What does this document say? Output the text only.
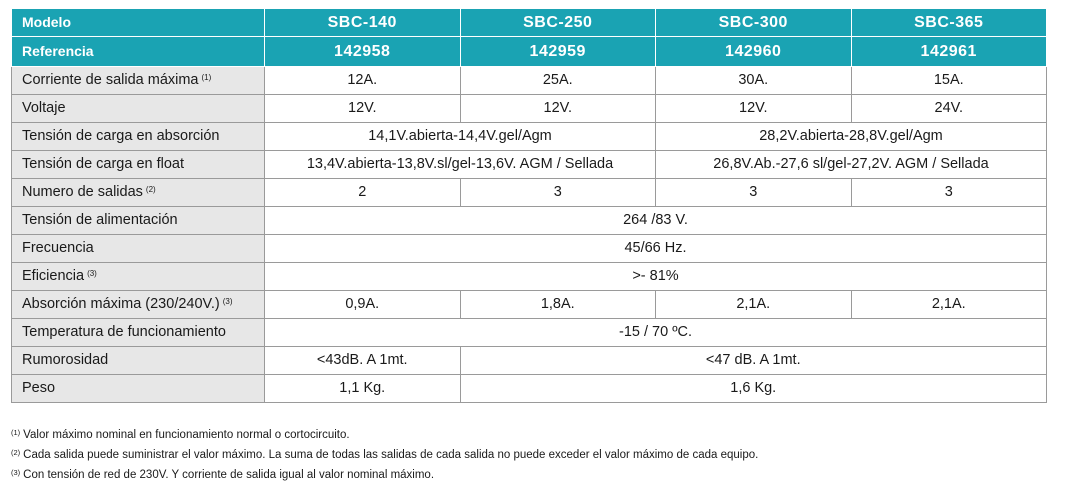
Modelo	SBC-140	SBC-250	SBC-300	SBC-365
Referencia	142958	142959	142960	142961
Corriente de salida máxima $^{(1)}$	12A.	25A.	30A.	15A.
Voltaje	12V.	12V.	12V.	24V.
Tensión de carga en absorción	14,1V.abierta-14,4V.gel/Agm		28,2V.abierta-28,8V.gel/Agm	
Tensión de carga en float	13,4V.abierta-13,8V.sl/gel-13,6V. AGM / Sellada		26,8V.Ab.-27,6 sl/gel-27,2V. AGM / Sellada	
Numero de salidas $^{(2)}$	2	3	3	3
Tensión de alimentación	264 /83 V.			
Frecuencia	45/66 Hz.			
Eficiencia $^{(3)}$	>- 81%			
Absorción máxima (230/240V.) $^{(3)}$	0,9A.	1,8A.	2,1A.	2,1A.
Temperatura de funcionamiento	-15 / 70 ºC.			
Rumorosidad	<43dB. A 1mt.	<47 dB. A 1mt.		
Peso	1,1 Kg.	1,6 Kg.		
$^{(1)}$ Valor máximo nominal en funcionamiento normal o cortocircuito.
$^{(2)}$ Cada salida puede suministrar el valor máximo. La suma de todas las salidas de cada salida no puede exceder el valor máximo de cada equipo.
$^{(3)}$ Con tensión de red de 230V. Y corriente de salida igual al valor nominal máximo.
